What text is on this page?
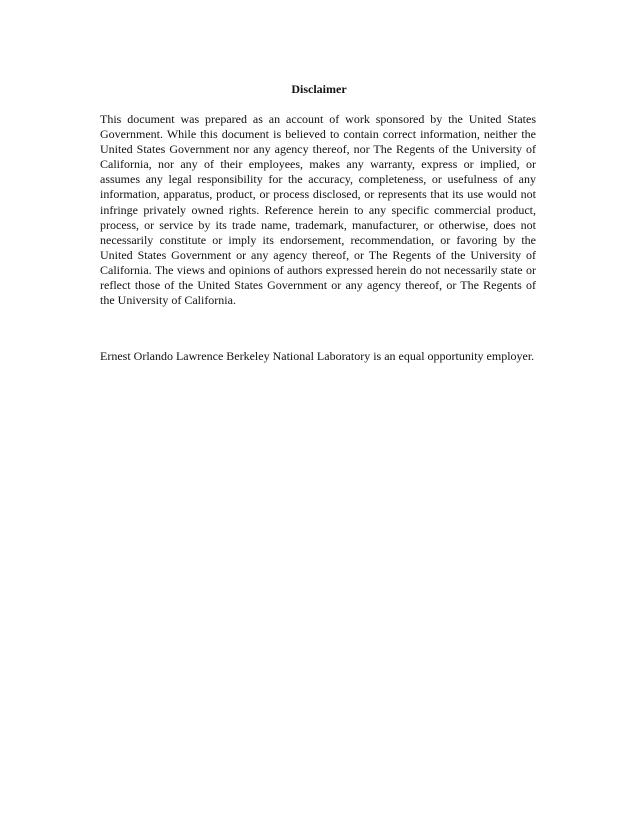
Disclaimer

This document was prepared as an account of work sponsored by the United States Government. While this document is believed to contain correct information, neither the United States Government nor any agency thereof, nor The Regents of the University of California, nor any of their employees, makes any warranty, express or implied, or assumes any legal responsibility for the accuracy, completeness, or usefulness of any information, apparatus, product, or process disclosed, or represents that its use would not infringe privately owned rights. Reference herein to any specific commercial product, process, or service by its trade name, trademark, manufacturer, or otherwise, does not necessarily constitute or imply its endorsement, recommendation, or favoring by the United States Government or any agency thereof, or The Regents of the University of California. The views and opinions of authors expressed herein do not necessarily state or reflect those of the United States Government or any agency thereof, or The Regents of the University of California.

Ernest Orlando Lawrence Berkeley National Laboratory is an equal opportunity employer.
